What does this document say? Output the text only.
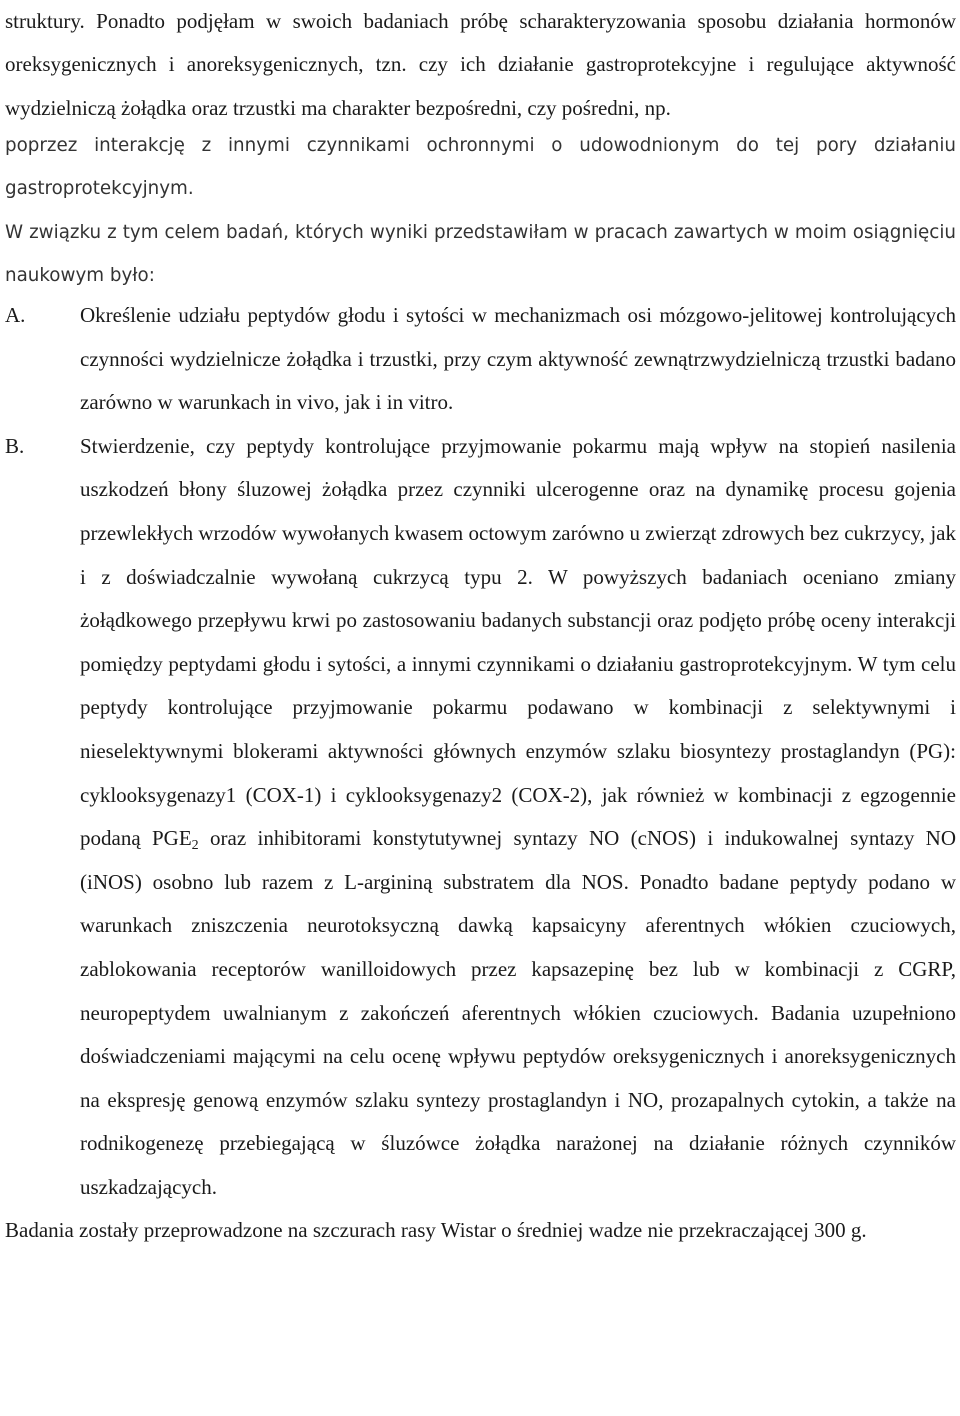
struktury. Ponadto podjęłam w swoich badaniach próbę scharakteryzowania sposobu działania hormonów oreksygenicznych i anoreksygenicznych, tzn. czy ich działanie gastroprotekcyjne i regulujące aktywność wydzielniczą żołądka oraz trzustki ma charakter bezpośredni, czy pośredni, np.

poprzez interakcję z innymi czynnikami ochronnymi o udowodnionym do tej pory działaniu gastroprotekcyjnym.

W związku z tym celem badań, których wyniki przedstawiłam w pracach zawartych w moim osiągnięciu naukowym było:

A.	Określenie udziału peptydów głodu i sytości w mechanizmach osi mózgowo-jelitowej kontrolujących czynności wydzielnicze żołądka i trzustki, przy czym aktywność zewnątrzwydzielniczą trzustki badano zarówno w warunkach in vivo, jak i in vitro.
B.	Stwierdzenie, czy peptydy kontrolujące przyjmowanie pokarmu mają wpływ na stopień nasilenia uszkodzeń błony śluzowej żołądka przez czynniki ulcerogenne oraz na dynamikę procesu gojenia przewlekłych wrzodów wywołanych kwasem octowym zarówno u zwierząt zdrowych bez cukrzycy, jak i z doświadczalnie wywołaną cukrzycą typu 2. W powyższych badaniach oceniano zmiany żołądkowego przepływu krwi po zastosowaniu badanych substancji oraz podjęto próbę oceny interakcji pomiędzy peptydami głodu i sytości, a innymi czynnikami o działaniu gastroprotekcyjnym. W tym celu peptydy kontrolujące przyjmowanie pokarmu podawano w kombinacji z selektywnymi i nieselektywnymi blokerami aktywności głównych enzymów szlaku biosyntezy prostaglandyn (PG): cyklooksygenazy1 (COX-1) i cyklooksygenazy2 (COX-2), jak również w kombinacji z egzogennie podaną $PGE_2$ oraz inhibitorami konstytutywnej syntazy NO (cNOS) i indukowalnej syntazy NO (iNOS) osobno lub razem z L-argininą substratem dla NOS. Ponadto badane peptydy podano w warunkach zniszczenia neurotoksyczną dawką kapsaicyny aferentnych włókien czuciowych, zablokowania receptorów wanilloidowych przez kapsazepinę bez lub w kombinacji z CGRP, neuropeptydem uwalnianym z zakończeń aferentnych włókien czuciowych. Badania uzupełniono doświadczeniami mającymi na celu ocenę wpływu peptydów oreksygenicznych i anoreksygenicznych na ekspresję genową enzymów szlaku syntezy prostaglandyn i NO, prozapalnych cytokin, a także na rodnikogenezę przebiegającą w śluzówce żołądka narażonej na działanie różnych czynników uszkadzających.

Badania zostały przeprowadzone na szczurach rasy Wistar o średniej wadze nie przekraczającej 300 g.
